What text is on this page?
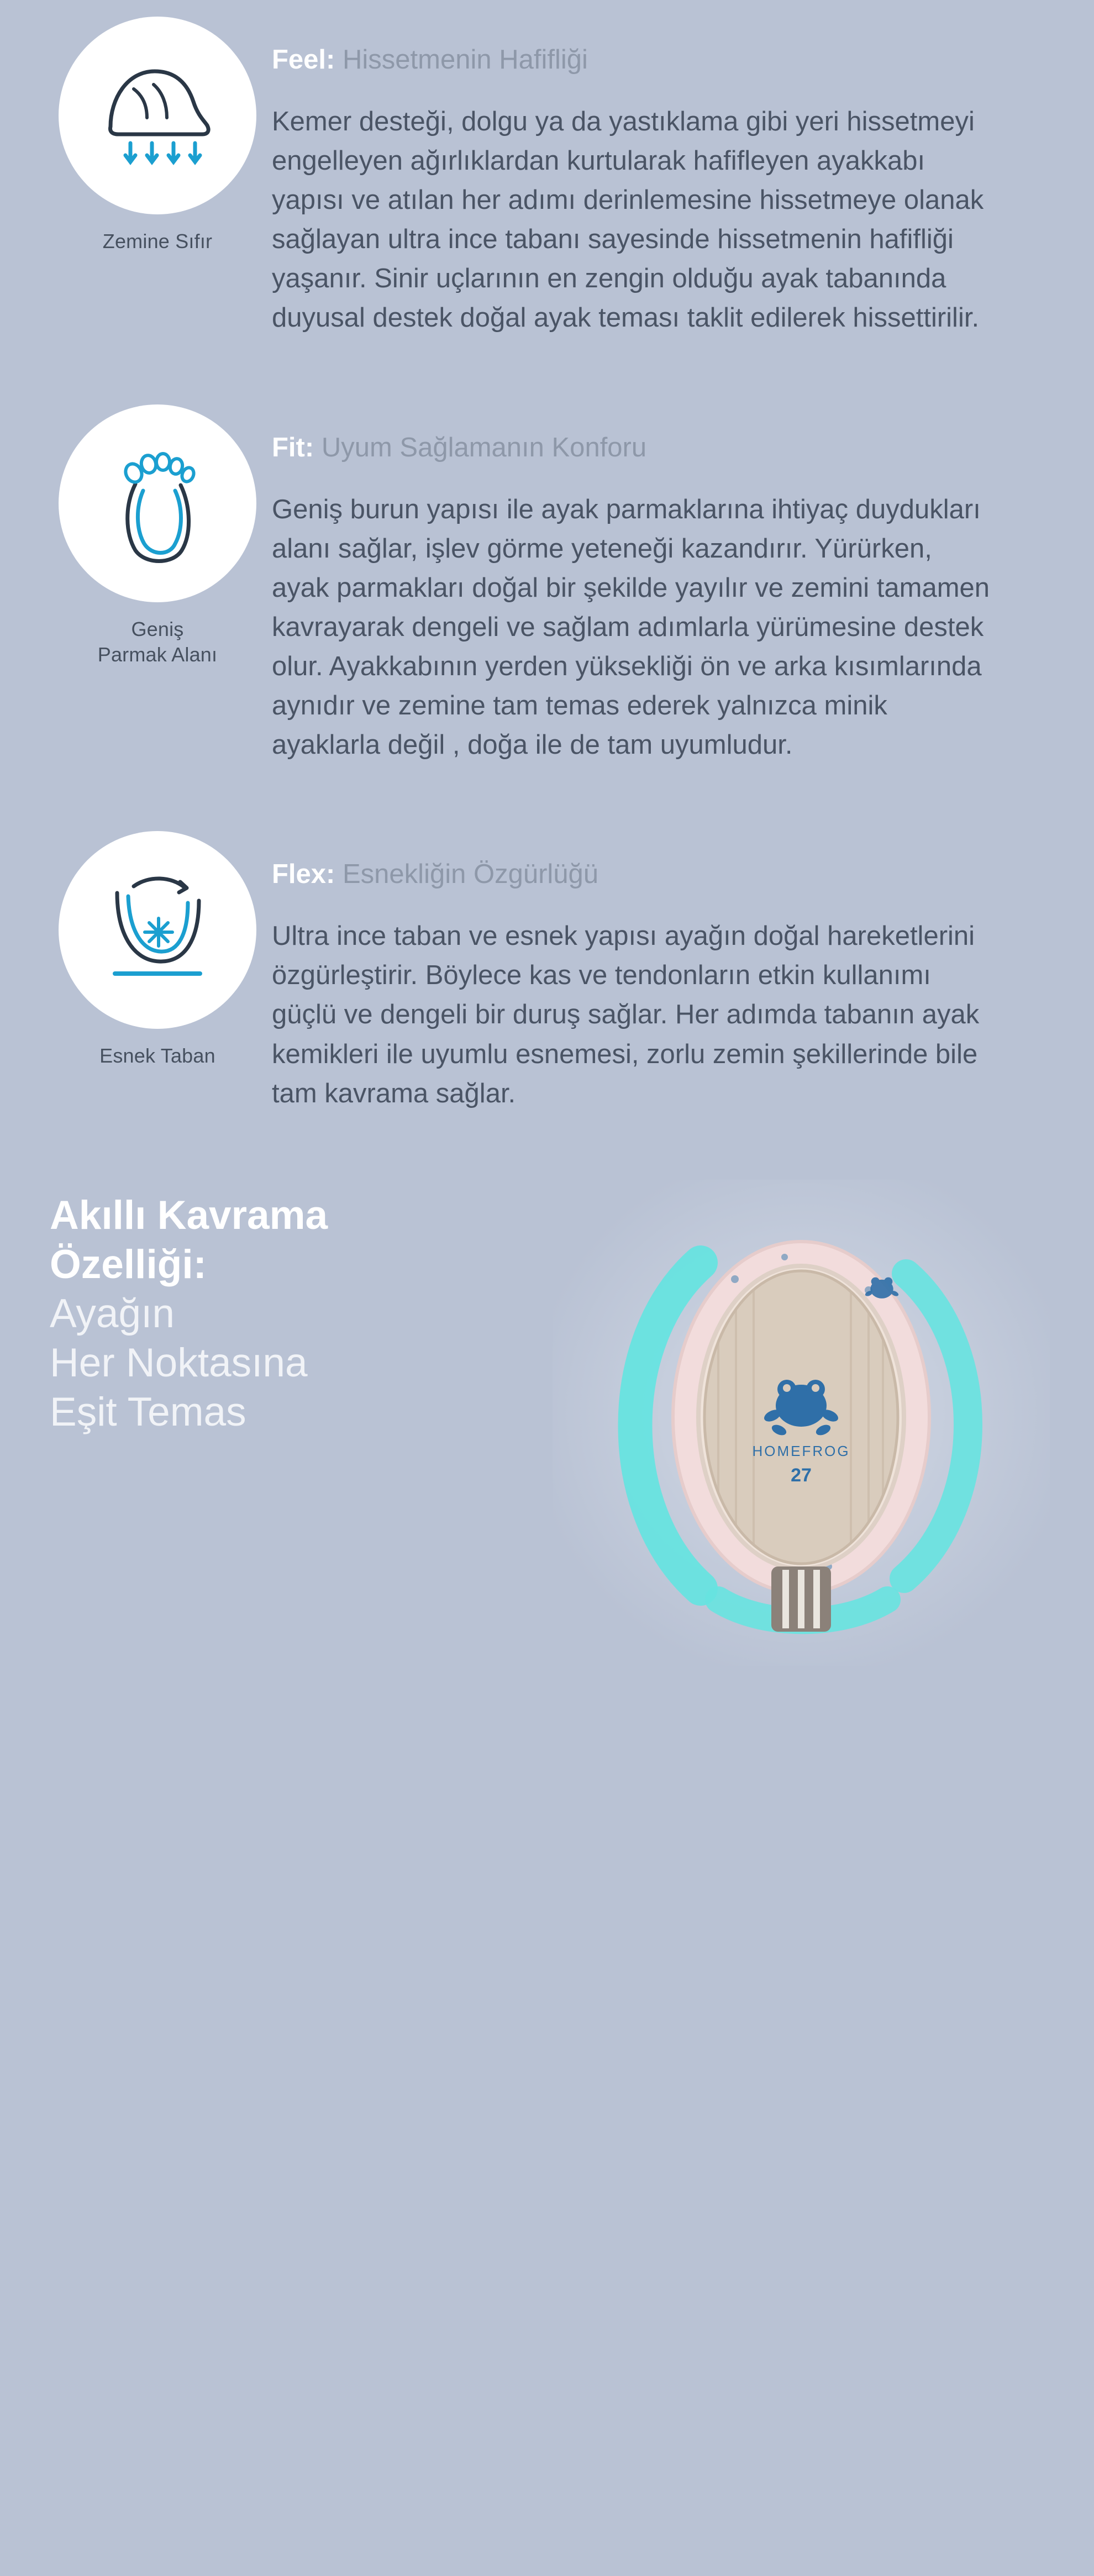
Zemine Sıfır
Feel: Hissetmenin Hafifliği

Kemer desteği, dolgu ya da yastıklama gibi yeri hissetmeyi engelleyen ağırlıklardan kurtularak hafifleyen ayakkabı yapısı ve atılan her adımı derinlemesine hissetmeye olanak sağlayan ultra ince tabanı sayesinde hissetmenin hafifliği yaşanır. Sinir uçlarının en zengin olduğu ayak tabanında duyusal destek doğal ayak teması taklit edilerek hissettirilir.

Geniş
Parmak Alanı
Fit: Uyum Sağlamanın Konforu

Geniş burun yapısı ile ayak parmaklarına ihtiyaç duydukları alanı sağlar, işlev görme yeteneği kazandırır. Yürürken, ayak parmakları doğal bir şekilde yayılır ve zemini tamamen kavrayarak dengeli ve sağlam adımlarla yürümesine destek olur. Ayakkabının yerden yüksekliği ön ve arka kısımlarında aynıdır ve zemine tam temas ederek yalnızca minik ayaklarla değil , doğa ile de tam uyumludur.

Esnek Taban
Flex: Esnekliğin Özgürlüğü

Ultra ince taban ve esnek yapısı ayağın doğal hareketlerini özgürleştirir. Böylece kas ve tendonların etkin kullanımı güçlü ve dengeli bir duruş sağlar. Her adımda tabanın ayak kemikleri ile uyumlu esnemesi, zorlu zemin şekillerinde bile tam kavrama sağlar.

Akıllı Kavrama
Özelliği:
Ayağın
Her Noktasına
Eşit Temas
HOMEFROG
27
